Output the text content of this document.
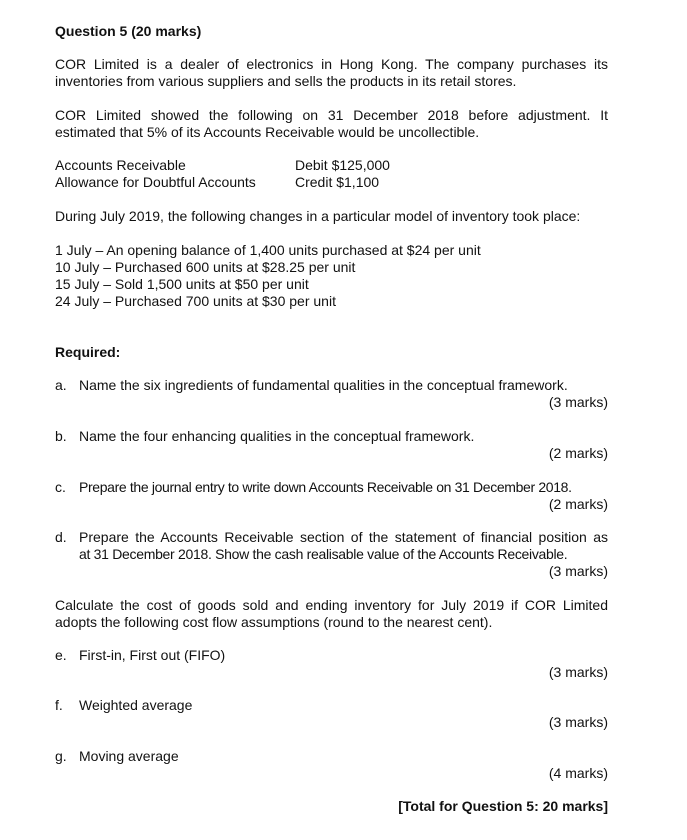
Question 5 (20 marks)
COR Limited is a dealer of electronics in Hong Kong. The company purchases its
inventories from various suppliers and sells the products in its retail stores.
COR Limited showed the following on 31 December 2018 before adjustment. It
estimated that 5% of its Accounts Receivable would be uncollectible.
Accounts Receivable	Debit $125,000
Allowance for Doubtful Accounts	Credit $1,100
During July 2019, the following changes in a particular model of inventory took place:
1 July – An opening balance of 1,400 units purchased at $24 per unit
10 July – Purchased 600 units at $28.25 per unit
15 July – Sold 1,500 units at $50 per unit
24 July – Purchased 700 units at $30 per unit
Required:
a. Name the six ingredients of fundamental qualities in the conceptual framework.
(3 marks)
b. Name the four enhancing qualities in the conceptual framework.
(2 marks)
c. Prepare the journal entry to write down Accounts Receivable on 31 December 2018.
(2 marks)
d. Prepare the Accounts Receivable section of the statement of financial position as
at 31 December 2018. Show the cash realisable value of the Accounts Receivable.
(3 marks)
Calculate the cost of goods sold and ending inventory for July 2019 if COR Limited
adopts the following cost flow assumptions (round to the nearest cent).
e. First-in, First out (FIFO)
(3 marks)
f. Weighted average
(3 marks)
g. Moving average
(4 marks)
[Total for Question 5: 20 marks]
